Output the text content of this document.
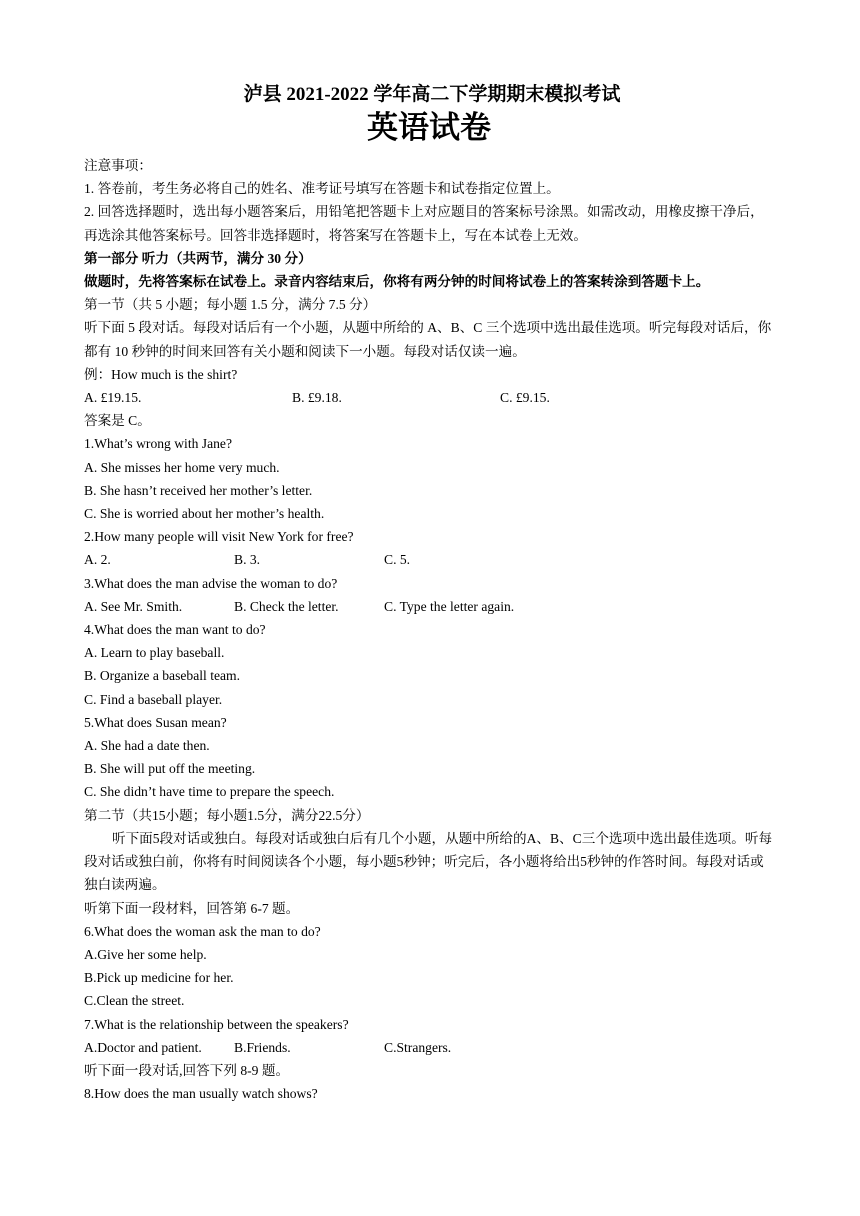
泸县 2021-2022 学年高二下学期期末模拟考试

英语试卷

注意事项：

1. 答卷前，考生务必将自己的姓名、准考证号填写在答题卡和试卷指定位置上。

2. 回答选择题时，选出每小题答案后，用铅笔把答题卡上对应题目的答案标号涂黑。如需改动，用橡皮擦干净后，再选涂其他答案标号。回答非选择题时，将答案写在答题卡上，写在本试卷上无效。

第一部分 听力（共两节，满分 30 分）

做题时，先将答案标在试卷上。录音内容结束后，你将有两分钟的时间将试卷上的答案转涂到答题卡上。

第一节（共 5 小题；每小题 1.5 分，满分 7.5 分）

听下面 5 段对话。每段对话后有一个小题，从题中所给的 A、B、C 三个选项中选出最佳选项。听完每段对话后，你都有 10 秒钟的时间来回答有关小题和阅读下一小题。每段对话仅读一遍。

例：How much is the shirt?

A. £19.15.	B. £9.18.	C. £9.15.

答案是 C。

1.What’s wrong with Jane?

A. She misses her home very much.

B. She hasn’t received her mother’s letter.

C. She is worried about her mother’s health.

2.How many people will visit New York for free?

A. 2.	B. 3.	C. 5.

3.What does the man advise the woman to do?

A. See Mr. Smith.	B. Check the letter.	C. Type the letter again.

4.What does the man want to do?

A. Learn to play baseball.

B. Organize a baseball team.

C. Find a baseball player.

5.What does Susan mean?

A. She had a date then.

B. She will put off the meeting.

C. She didn’t have time to prepare the speech.

第二节（共15小题；每小题1.5分，满分22.5分）

听下面5段对话或独白。每段对话或独白后有几个小题，从题中所给的A、B、C三个选项中选出最佳选项。听每段对话或独白前，你将有时间阅读各个小题，每小题5秒钟；听完后，各小题将给出5秒钟的作答时间。每段对话或独白读两遍。

听第下面一段材料，回答第 6-7 题。

6.What does the woman ask the man to do?

A.Give her some help.

B.Pick up medicine for her.

C.Clean the street.

7.What is the relationship between the speakers?

A.Doctor and patient.	B.Friends.	C.Strangers.

听下面一段对话,回答下列 8-9 题。

8.How does the man usually watch shows?
